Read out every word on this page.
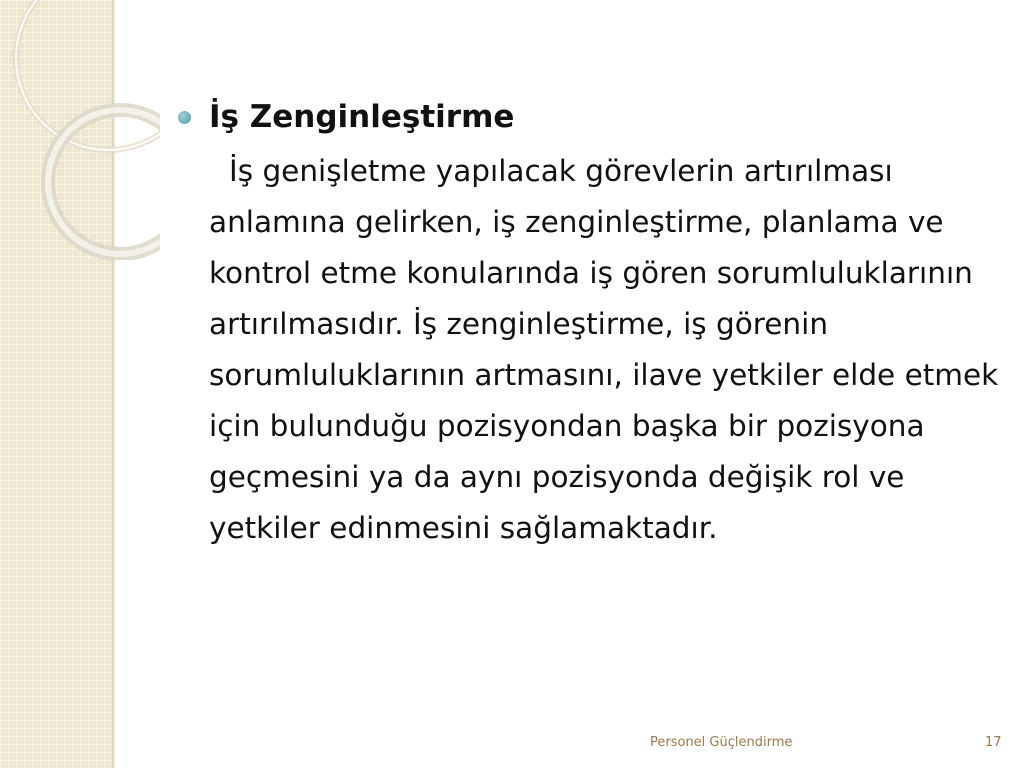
İş Zenginleştirme
İş genişletme yapılacak görevlerin artırılması anlamına gelirken, iş zenginleştirme, planlama ve kontrol etme konularında iş gören sorumluluklarının artırılmasıdır. İş zenginleştirme, iş görenin sorumluluklarının artmasını, ilave yetkiler elde etmek için bulunduğu pozisyondan başka bir pozisyona geçmesini ya da aynı pozisyonda değişik rol ve yetkiler edinmesini sağlamaktadır.
Personel Güçlendirme	17
